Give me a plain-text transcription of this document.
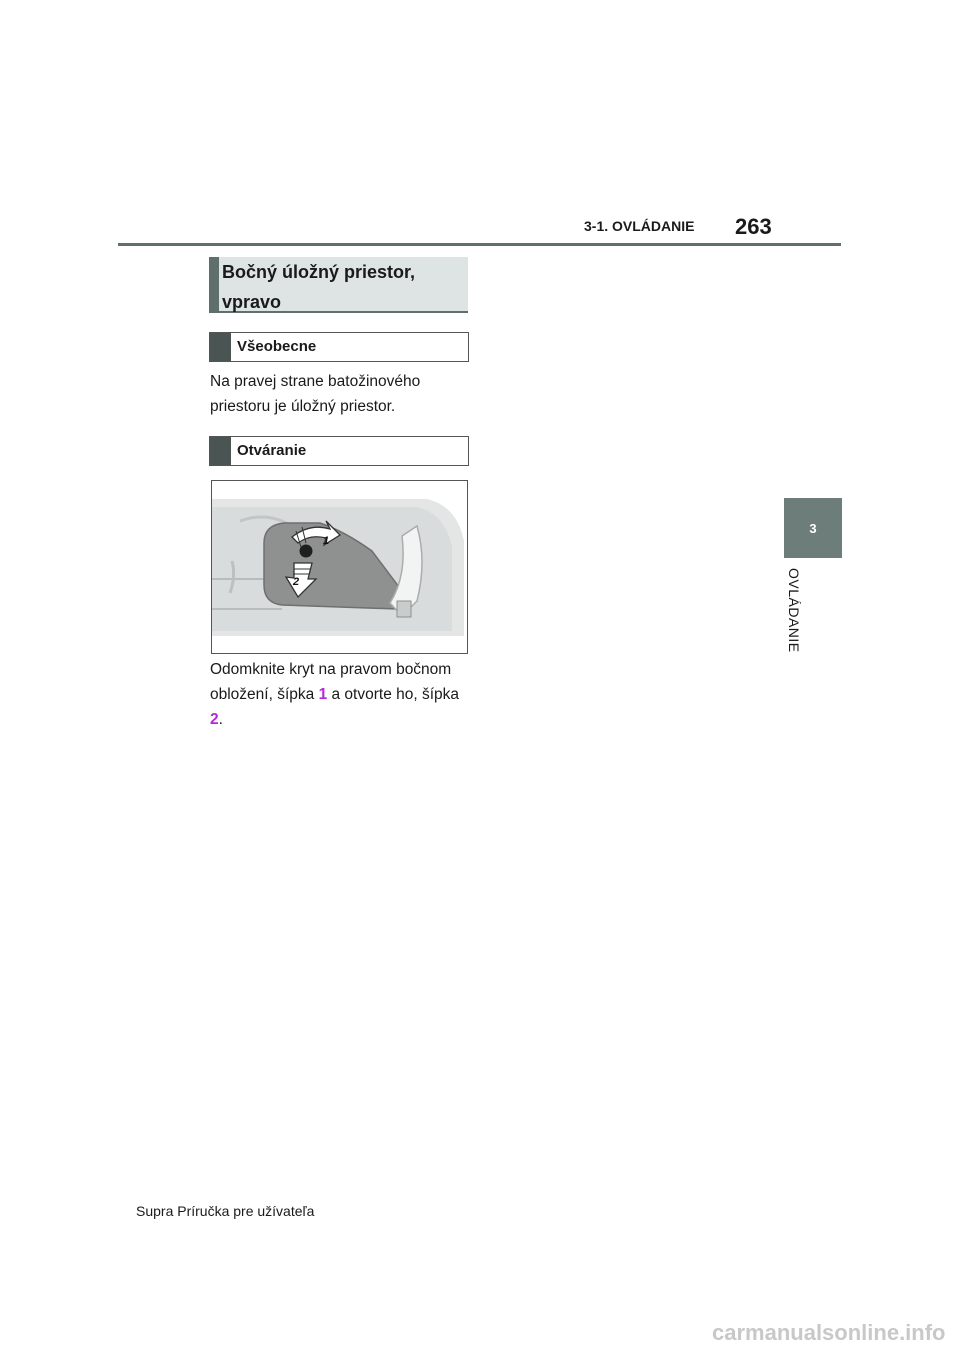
3-1. OVLÁDANIE 263
3
OVLÁDANIE
Bočný úložný priestor,
vpravo
Všeobecne
Na pravej strane batožinového
priestoru je úložný priestor.
Otváranie
1
2
Odomknite kryt na pravom bočnom
obložení, šípka 1 a otvorte ho, šípka
2.
Supra Príručka pre užívateľa
carmanualsonline.info
